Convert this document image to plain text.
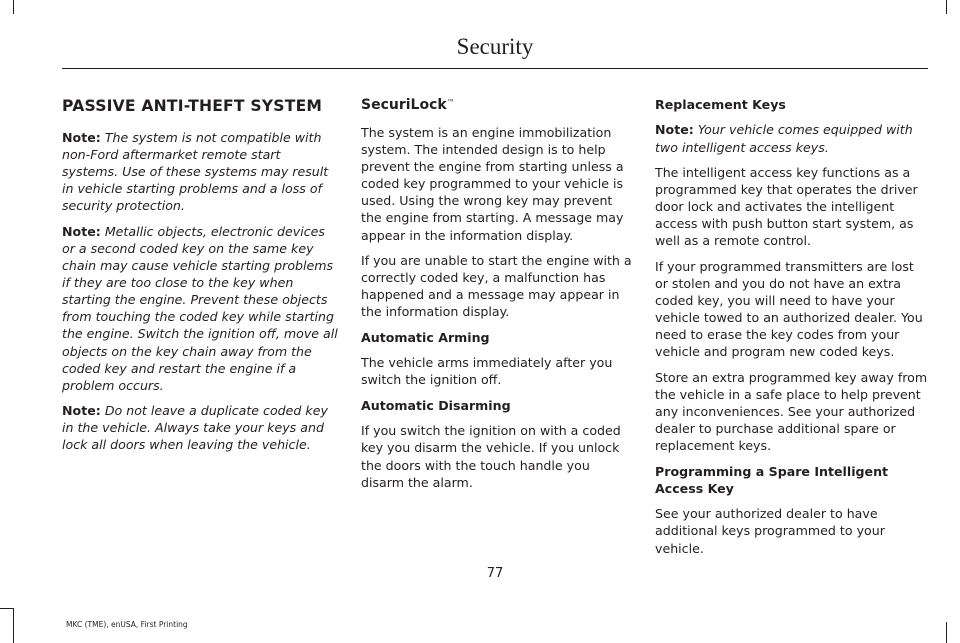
Security
PASSIVE ANTI-THEFT SYSTEM

Note: The system is not compatible with non-Ford aftermarket remote start systems. Use of these systems may result in vehicle starting problems and a loss of security protection.

Note: Metallic objects, electronic devices or a second coded key on the same key chain may cause vehicle starting problems if they are too close to the key when starting the engine. Prevent these objects from touching the coded key while starting the engine. Switch the ignition off, move all objects on the key chain away from the coded key and restart the engine if a problem occurs.

Note: Do not leave a duplicate coded key in the vehicle. Always take your keys and lock all doors when leaving the vehicle.

SecuriLock™

The system is an engine immobilization system. The intended design is to help prevent the engine from starting unless a coded key programmed to your vehicle is used. Using the wrong key may prevent the engine from starting. A message may appear in the information display.

If you are unable to start the engine with a correctly coded key, a malfunction has happened and a message may appear in the information display.

Automatic Arming

The vehicle arms immediately after you switch the ignition off.

Automatic Disarming

If you switch the ignition on with a coded key you disarm the vehicle. If you unlock the doors with the touch handle you disarm the alarm.

Replacement Keys

Note: Your vehicle comes equipped with two intelligent access keys.

The intelligent access key functions as a programmed key that operates the driver door lock and activates the intelligent access with push button start system, as well as a remote control.

If your programmed transmitters are lost or stolen and you do not have an extra coded key, you will need to have your vehicle towed to an authorized dealer. You need to erase the key codes from your vehicle and program new coded keys.

Store an extra programmed key away from the vehicle in a safe place to help prevent any inconveniences. See your authorized dealer to purchase additional spare or replacement keys.

Programming a Spare Intelligent Access Key

See your authorized dealer to have additional keys programmed to your vehicle.

77
MKC (TME), enUSA, First Printing
